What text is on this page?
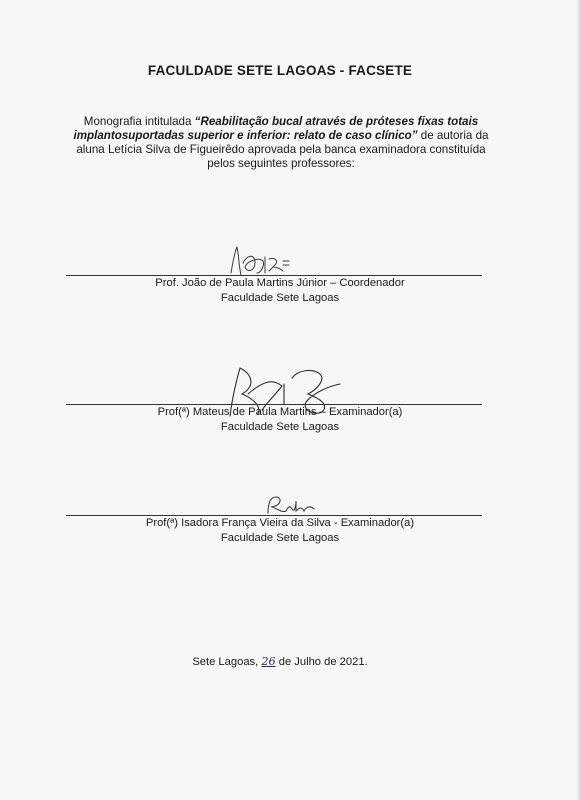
FACULDADE SETE LAGOAS - FACSETE
Monografia intitulada “Reabilitação bucal através de próteses fixas totais implantosuportadas superior e inferior: relato de caso clínico” de autoria da aluna Letícia Silva de Figueirêdo aprovada pela banca examinadora constituída pelos seguintes professores:
Prof. João de Paula Martins Júnior – Coordenador
Faculdade Sete Lagoas
Prof(ª) Mateus de Paula Martins – Examinador(a)
Faculdade Sete Lagoas
Prof(ª) Isadora França Vieira da Silva - Examinador(a)
Faculdade Sete Lagoas
Sete Lagoas, 26 de Julho de 2021.
